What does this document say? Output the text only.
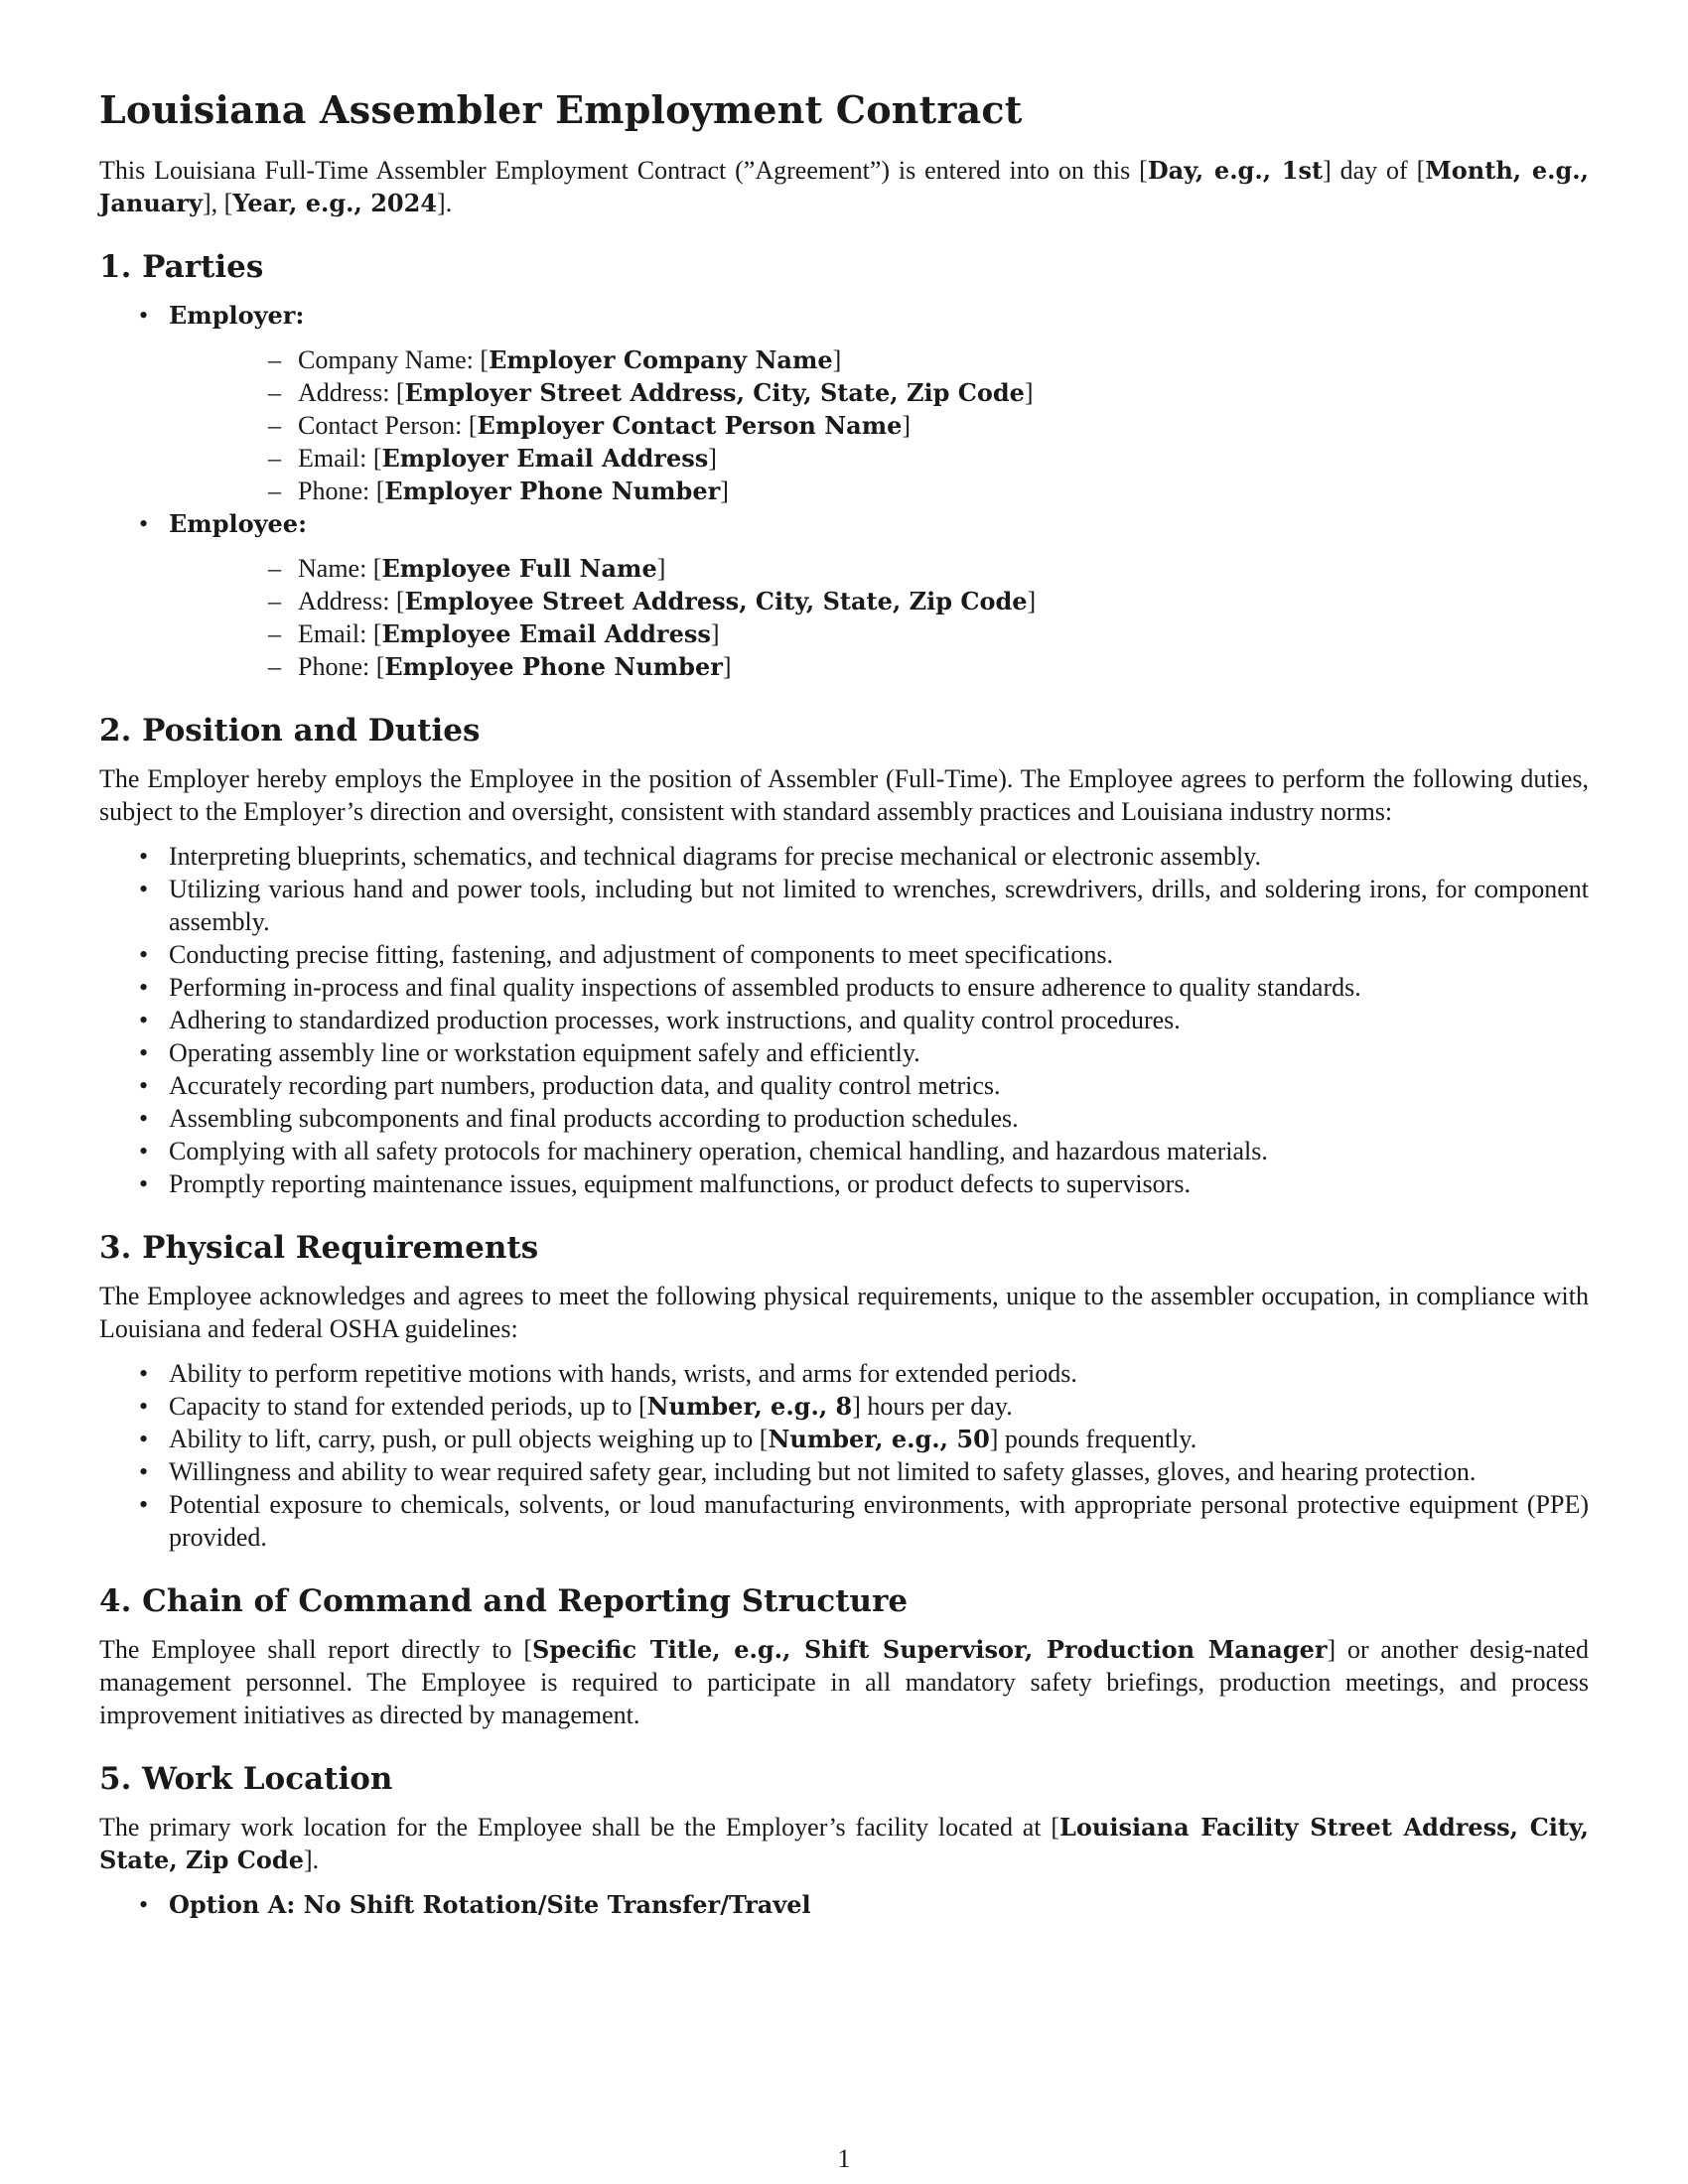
Louisiana Assembler Employment Contract

This Louisiana Full-Time Assembler Employment Contract (”Agreement”) is entered into on this [Day, e.g., 1st] day of [Month, e.g., January], [Year, e.g., 2024].

1. Parties
• Employer:
– Company Name: [Employer Company Name]
– Address: [Employer Street Address, City, State, Zip Code]
– Contact Person: [Employer Contact Person Name]
– Email: [Employer Email Address]
– Phone: [Employer Phone Number]
• Employee:
– Name: [Employee Full Name]
– Address: [Employee Street Address, City, State, Zip Code]
– Email: [Employee Email Address]
– Phone: [Employee Phone Number]
2. Position and Duties

The Employer hereby employs the Employee in the position of Assembler (Full-Time). The Employee agrees to perform the following duties, subject to the Employer’s direction and oversight, consistent with standard assembly practices and Louisiana industry norms:

• Interpreting blueprints, schematics, and technical diagrams for precise mechanical or electronic assembly.
• Utilizing various hand and power tools, including but not limited to wrenches, screwdrivers, drills, and soldering irons, for component assembly.
• Conducting precise fitting, fastening, and adjustment of components to meet specifications.
• Performing in-process and final quality inspections of assembled products to ensure adherence to quality standards.
• Adhering to standardized production processes, work instructions, and quality control procedures.
• Operating assembly line or workstation equipment safely and efficiently.
• Accurately recording part numbers, production data, and quality control metrics.
• Assembling subcomponents and final products according to production schedules.
• Complying with all safety protocols for machinery operation, chemical handling, and hazardous materials.
• Promptly reporting maintenance issues, equipment malfunctions, or product defects to supervisors.
3. Physical Requirements

The Employee acknowledges and agrees to meet the following physical requirements, unique to the assembler occupation, in compliance with Louisiana and federal OSHA guidelines:

• Ability to perform repetitive motions with hands, wrists, and arms for extended periods.
• Capacity to stand for extended periods, up to [Number, e.g., 8] hours per day.
• Ability to lift, carry, push, or pull objects weighing up to [Number, e.g., 50] pounds frequently.
• Willingness and ability to wear required safety gear, including but not limited to safety glasses, gloves, and hearing protection.
• Potential exposure to chemicals, solvents, or loud manufacturing environments, with appropriate personal protective equipment (PPE) provided.
4. Chain of Command and Reporting Structure

The Employee shall report directly to [Specific Title, e.g., Shift Supervisor, Production Manager] or another desig-nated management personnel. The Employee is required to participate in all mandatory safety briefings, production meetings, and process improvement initiatives as directed by management.

5. Work Location

The primary work location for the Employee shall be the Employer’s facility located at [Louisiana Facility Street Address, City, State, Zip Code].

• Option A: No Shift Rotation/Site Transfer/Travel
1
